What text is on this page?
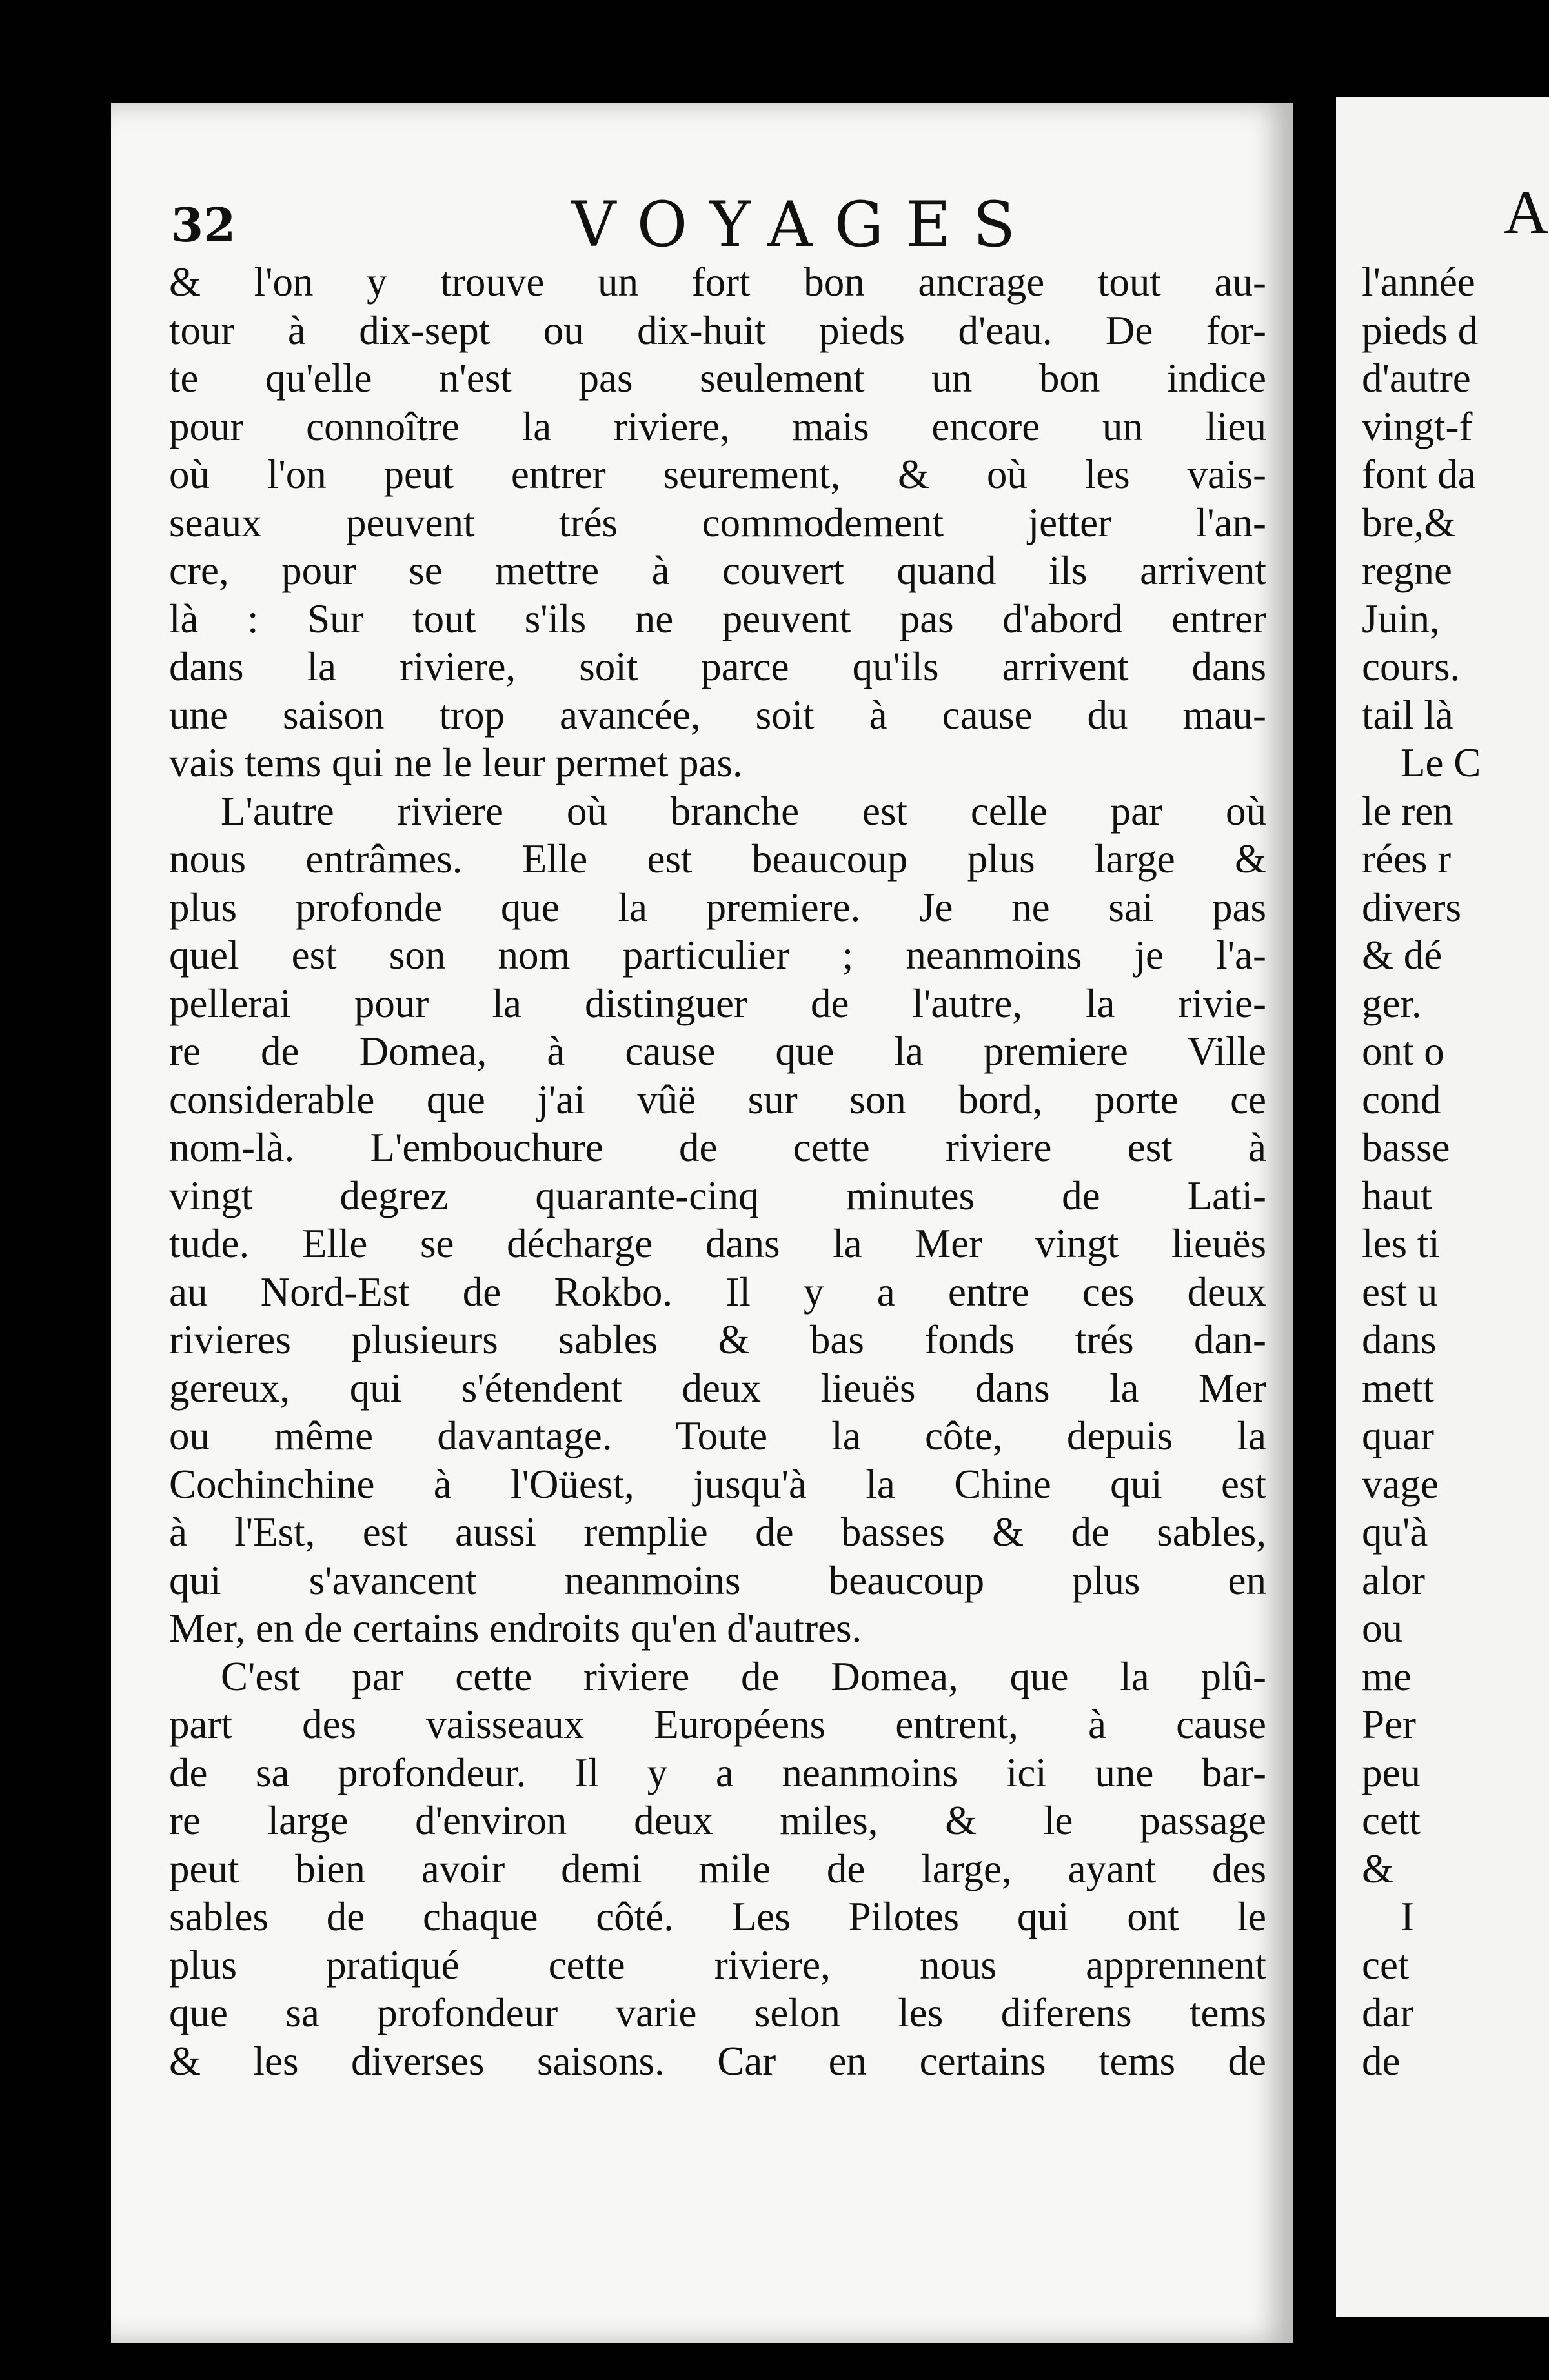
32	VOYAGES
& l'on y trouve un fort bon ancrage tout au-
tour à dix-sept ou dix-huit pieds d'eau. De for-
te qu'elle n'est pas seulement un bon indice
pour connoître la riviere, mais encore un lieu
où l'on peut entrer seurement, & où les vais-
seaux peuvent trés commodement jetter l'an-
cre, pour se mettre à couvert quand ils arrivent
là : Sur tout s'ils ne peuvent pas d'abord entrer
dans la riviere, soit parce qu'ils arrivent dans
une saison trop avancée, soit à cause du mau-
vais tems qui ne le leur permet pas.
L'autre riviere où branche est celle par où
nous entrâmes. Elle est beaucoup plus large &
plus profonde que la premiere. Je ne sai pas
quel est son nom particulier ; neanmoins je l'a-
pellerai pour la distinguer de l'autre, la rivie-
re de Domea, à cause que la premiere Ville
considerable que j'ai vûë sur son bord, porte ce
nom-là. L'embouchure de cette riviere est à
vingt degrez quarante-cinq minutes de Lati-
tude. Elle se décharge dans la Mer vingt lieuës
au Nord-Est de Rokbo. Il y a entre ces deux
rivieres plusieurs sables & bas fonds trés dan-
gereux, qui s'étendent deux lieuës dans la Mer
ou même davantage. Toute la côte, depuis la
Cochinchine à l'Oüest, jusqu'à la Chine qui est
à l'Est, est aussi remplie de basses & de sables,
qui s'avancent neanmoins beaucoup plus en
Mer, en de certains endroits qu'en d'autres.
C'est par cette riviere de Domea, que la plû-
part des vaisseaux Européens entrent, à cause
de sa profondeur. Il y a neanmoins ici une bar-
re large d'environ deux miles, & le passage
peut bien avoir demi mile de large, ayant des
sables de chaque côté. Les Pilotes qui ont le
plus pratiqué cette riviere, nous apprennent
que sa profondeur varie selon les diferens tems
& les diverses saisons. Car en certains tems de
A
l'année
pieds d
d'autre
vingt-f
font da
bre,&
regne
Juin,
cours.
tail là
Le C
le ren
rées r
divers
& dé
ger.
ont o
cond
basse
haut
les ti
est u
dans
mett
quar
vage
qu'à
alor
ou
me
Per
peu
cett
&
I
cet
dar
de
